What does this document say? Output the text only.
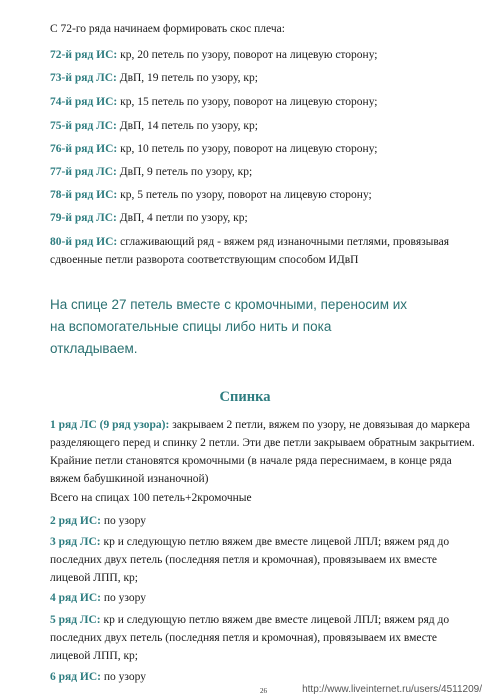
С 72-го ряда начинаем формировать скос плеча:
72-й ряд ИС: кр, 20 петель по узору, поворот на лицевую сторону;
73-й ряд ЛС: ДвП, 19 петель по узору, кр;
74-й ряд ИС: кр, 15 петель по узору, поворот на лицевую сторону;
75-й ряд ЛС: ДвП, 14 петель по узору, кр;
76-й ряд ИС: кр, 10 петель по узору, поворот на лицевую сторону;
77-й ряд ЛС: ДвП, 9 петель по узору, кр;
78-й ряд ИС: кр, 5 петель по узору, поворот на лицевую сторону;
79-й ряд ЛС: ДвП, 4 петли по узору, кр;
80-й ряд ИС: сглаживающий ряд - вяжем ряд изнаночными петлями, провязывая сдвоенные петли разворота соответствующим способом ИДвП
На спице 27 петель вместе с кромочными, переносим их на вспомогательные спицы либо нить и пока откладываем.
Спинка
1 ряд ЛС (9 ряд узора): закрываем 2 петли, вяжем по узору, не довязывая до маркера разделяющего перед и спинку 2 петли. Эти две петли закрываем обратным закрытием. Крайние петли становятся кромочными (в начале ряда переснимаем, в конце ряда вяжем бабушкиной изнаночной)
Всего на спицах 100 петель+2кромочные
2 ряд ИС: по узору
3 ряд ЛС: кр и следующую петлю вяжем две вместе лицевой ЛПЛ; вяжем ряд до последних двух петель (последняя петля и кромочная), провязываем их вместе лицевой ЛПП, кр;
4 ряд ИС: по узору
5 ряд ЛС: кр и следующую петлю вяжем две вместе лицевой ЛПЛ; вяжем ряд до последних двух петель (последняя петля и кромочная), провязываем их вместе лицевой ЛПП, кр;
6 ряд ИС: по узору
26	http://www.liveinternet.ru/users/4511209/
